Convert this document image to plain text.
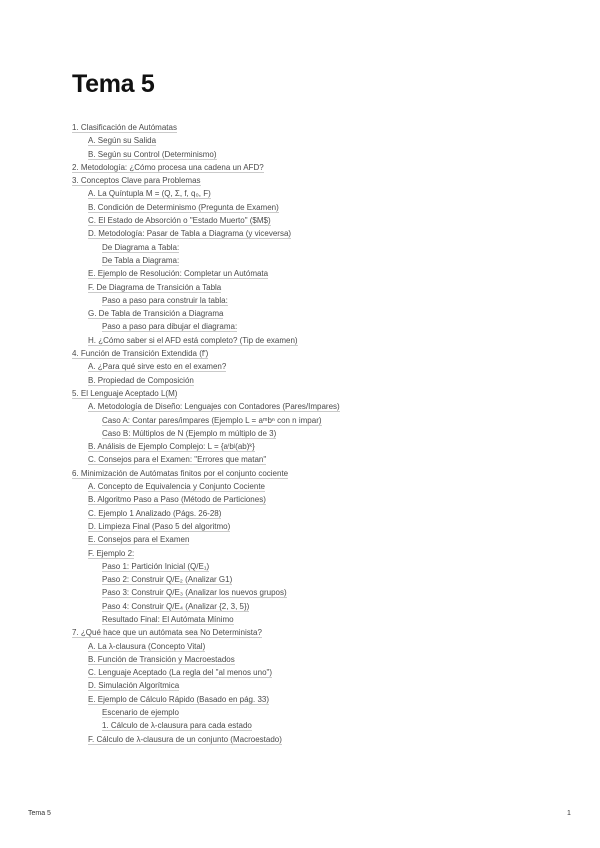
Tema 5
1. Clasificación de Autómatas
A. Según su Salida
B. Según su Control (Determinismo)
2. Metodología: ¿Cómo procesa una cadena un AFD?
3. Conceptos Clave para Problemas
A. La Quíntupla M = (Q, Σ, f, q₀, F)
B. Condición de Determinismo (Pregunta de Examen)
C. El Estado de Absorción o "Estado Muerto" ($M$)
D. Metodología: Pasar de Tabla a Diagrama (y viceversa)
De Diagrama a Tabla:
De Tabla a Diagrama:
E. Ejemplo de Resolución: Completar un Autómata
F. De Diagrama de Transición a Tabla
Paso a paso para construir la tabla:
G. De Tabla de Transición a Diagrama
Paso a paso para dibujar el diagrama:
H. ¿Cómo saber si el AFD está completo? (Tip de examen)
4. Función de Transición Extendida (f′)
A. ¿Para qué sirve esto en el examen?
B. Propiedad de Composición
5. El Lenguaje Aceptado L(M)
A. Metodología de Diseño: Lenguajes con Contadores (Pares/Impares)
Caso A: Contar pares/impares (Ejemplo L = aᵐbⁿ con n impar)
Caso B: Múltiplos de N (Ejemplo m múltiplo de 3)
B. Análisis de Ejemplo Complejo: L = {aⁱbʲ(ab)ᵏ}
C. Consejos para el Examen: "Errores que matan"
6. Minimización de Autómatas finitos por el conjunto cociente
A. Concepto de Equivalencia y Conjunto Cociente
B. Algoritmo Paso a Paso (Método de Particiones)
C. Ejemplo 1 Analizado (Págs. 26-28)
D. Limpieza Final (Paso 5 del algoritmo)
E. Consejos para el Examen
F. Ejemplo 2:
Paso 1: Partición Inicial (Q/E₁)
Paso 2: Construir Q/E₂ (Analizar G1)
Paso 3: Construir Q/E₃ (Analizar los nuevos grupos)
Paso 4: Construir Q/E₄ (Analizar {2, 3, 5})
Resultado Final: El Autómata Mínimo
7. ¿Qué hace que un autómata sea No Determinista?
A. La λ-clausura (Concepto Vital)
B. Función de Transición y Macroestados
C. Lenguaje Aceptado (La regla del "al menos uno")
D. Simulación Algorítmica
E. Ejemplo de Cálculo Rápido (Basado en pág. 33)
Escenario de ejemplo
1. Cálculo de λ-clausura para cada estado
F. Cálculo de λ-clausura de un conjunto (Macroestado)
Tema 5	1
